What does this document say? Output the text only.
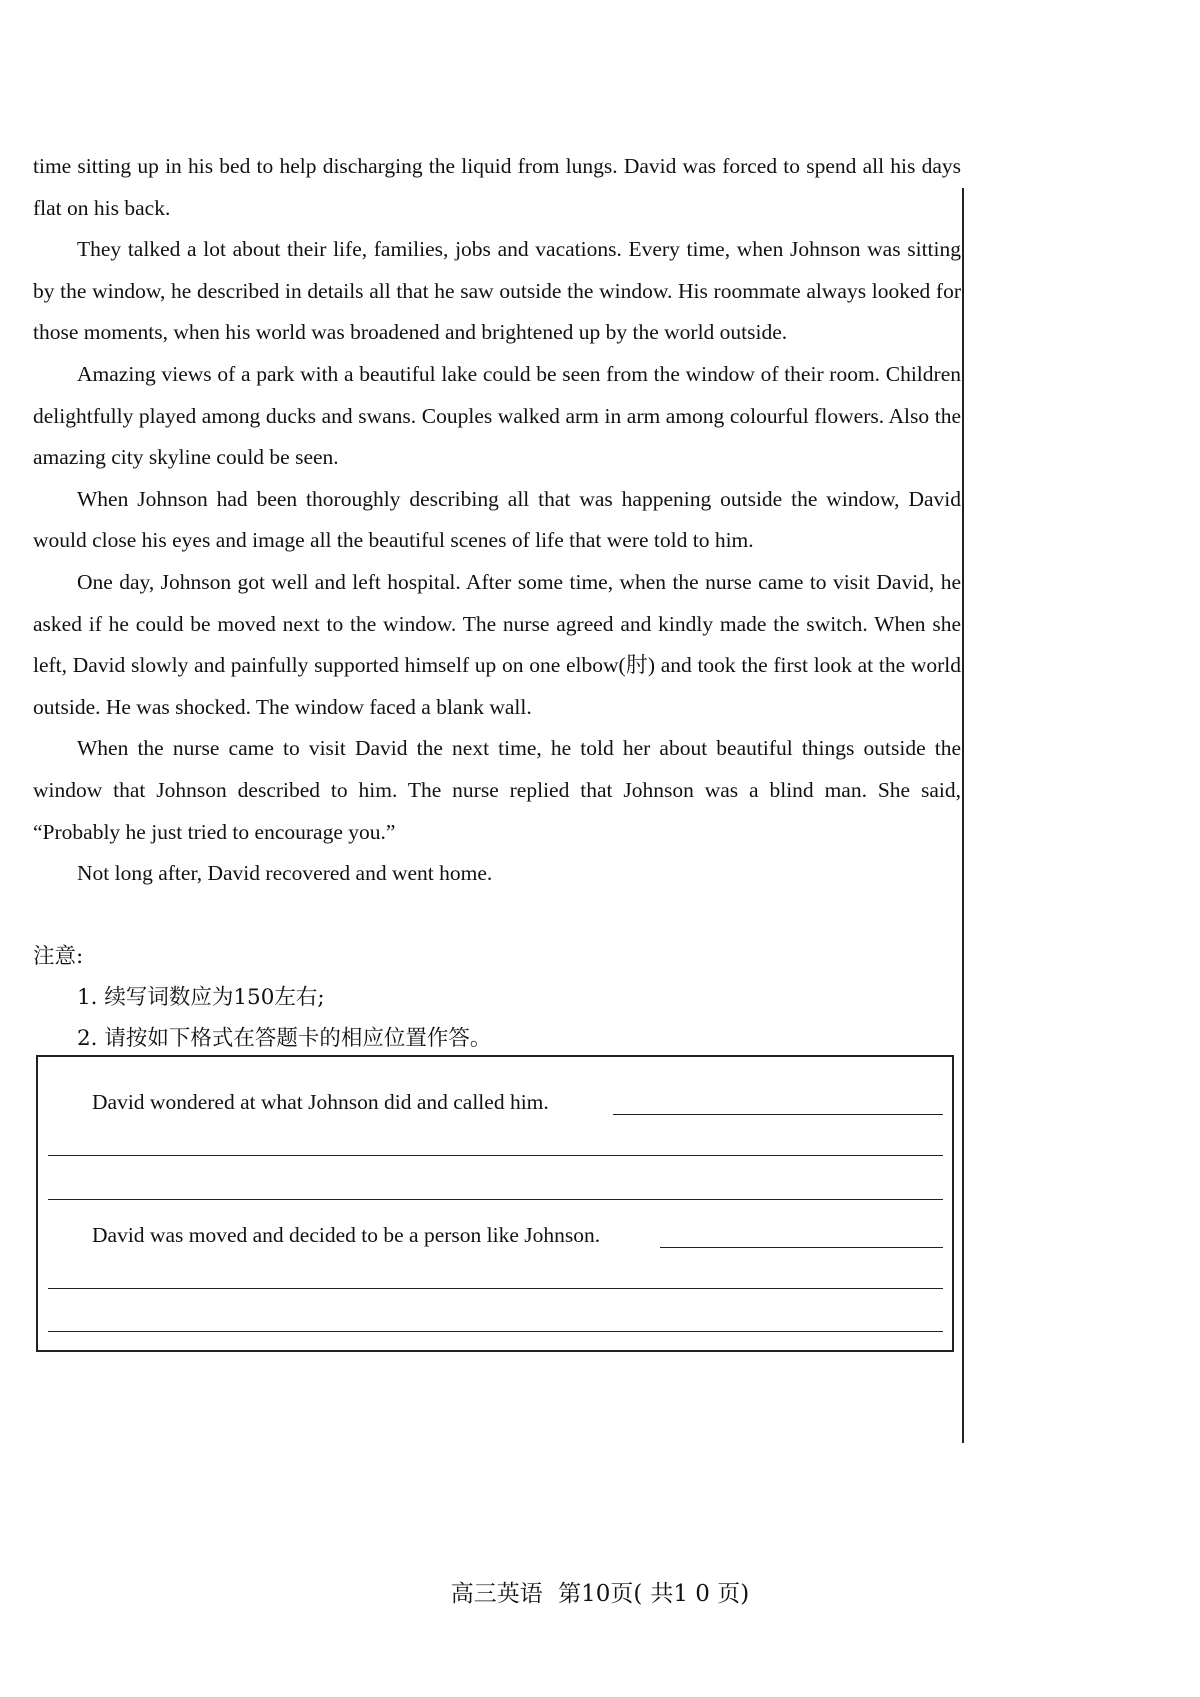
time sitting up in his bed to help discharging the liquid from lungs. David was forced to spend all his days flat on his back.

They talked a lot about their life, families, jobs and vacations. Every time, when Johnson was sitting by the window, he described in details all that he saw outside the window. His roommate always looked for those moments, when his world was broadened and brightened up by the world outside.

Amazing views of a park with a beautiful lake could be seen from the window of their room. Children delightfully played among ducks and swans. Couples walked arm in arm among colourful flowers. Also the amazing city skyline could be seen.

When Johnson had been thoroughly describing all that was happening outside the window, David would close his eyes and image all the beautiful scenes of life that were told to him.

One day, Johnson got well and left hospital. After some time, when the nurse came to visit David, he asked if he could be moved next to the window. The nurse agreed and kindly made the switch. When she left, David slowly and painfully supported himself up on one elbow(肘) and took the first look at the world outside. He was shocked. The window faced a blank wall.

When the nurse came to visit David the next time, he told her about beautiful things outside the window that Johnson described to him. The nurse replied that Johnson was a blind man. She said, “Probably he just tried to encourage you.”

Not long after, David recovered and went home.

注意:
1. 续写词数应为150左右;
2. 请按如下格式在答题卡的相应位置作答。
David wondered at what Johnson did and called him.
David was moved and decided to be a person like Johnson.
高三英语 第10页( 共1 0 页)
